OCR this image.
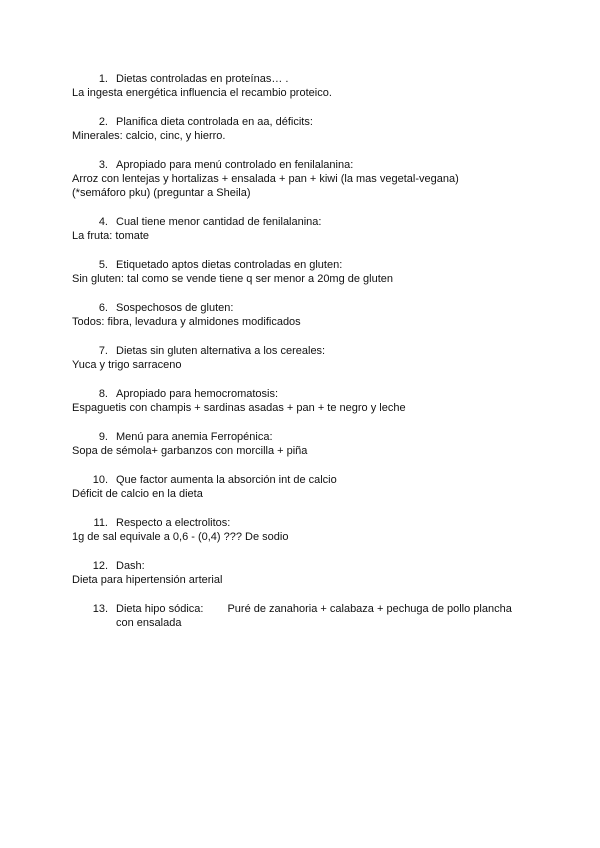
1. Dietas controladas en proteínas… .
La ingesta energética influencia el recambio proteico.
2. Planifica dieta controlada en aa, déficits:
Minerales: calcio, cinc, y hierro.
3. Apropiado para menú controlado en fenilalanina:
Arroz con lentejas y hortalizas + ensalada + pan + kiwi (la mas vegetal-vegana)
(*semáforo pku) (preguntar a Sheila)
4. Cual tiene menor cantidad de fenilalanina:
La fruta: tomate
5. Etiquetado aptos dietas controladas en gluten:
Sin gluten: tal como se vende tiene q ser menor a 20mg de gluten
6. Sospechosos de gluten:
Todos: fibra, levadura y almidones modificados
7. Dietas sin gluten alternativa a los cereales:
Yuca y trigo sarraceno
8. Apropiado para hemocromatosis:
Espaguetis con champis + sardinas asadas + pan + te negro y leche
9. Menú para anemia Ferropénica:
Sopa de sémola+ garbanzos con morcilla + piña
10. Que factor aumenta la absorción int de calcio
Déficit de calcio en la dieta
11. Respecto a electrolitos:
1g de sal equivale a 0,6 - (0,4) ??? De sodio
12. Dash:
Dieta para hipertensión arterial
13. Dieta hipo sódica: Puré de zanahoria + calabaza + pechuga de pollo plancha con ensalada
